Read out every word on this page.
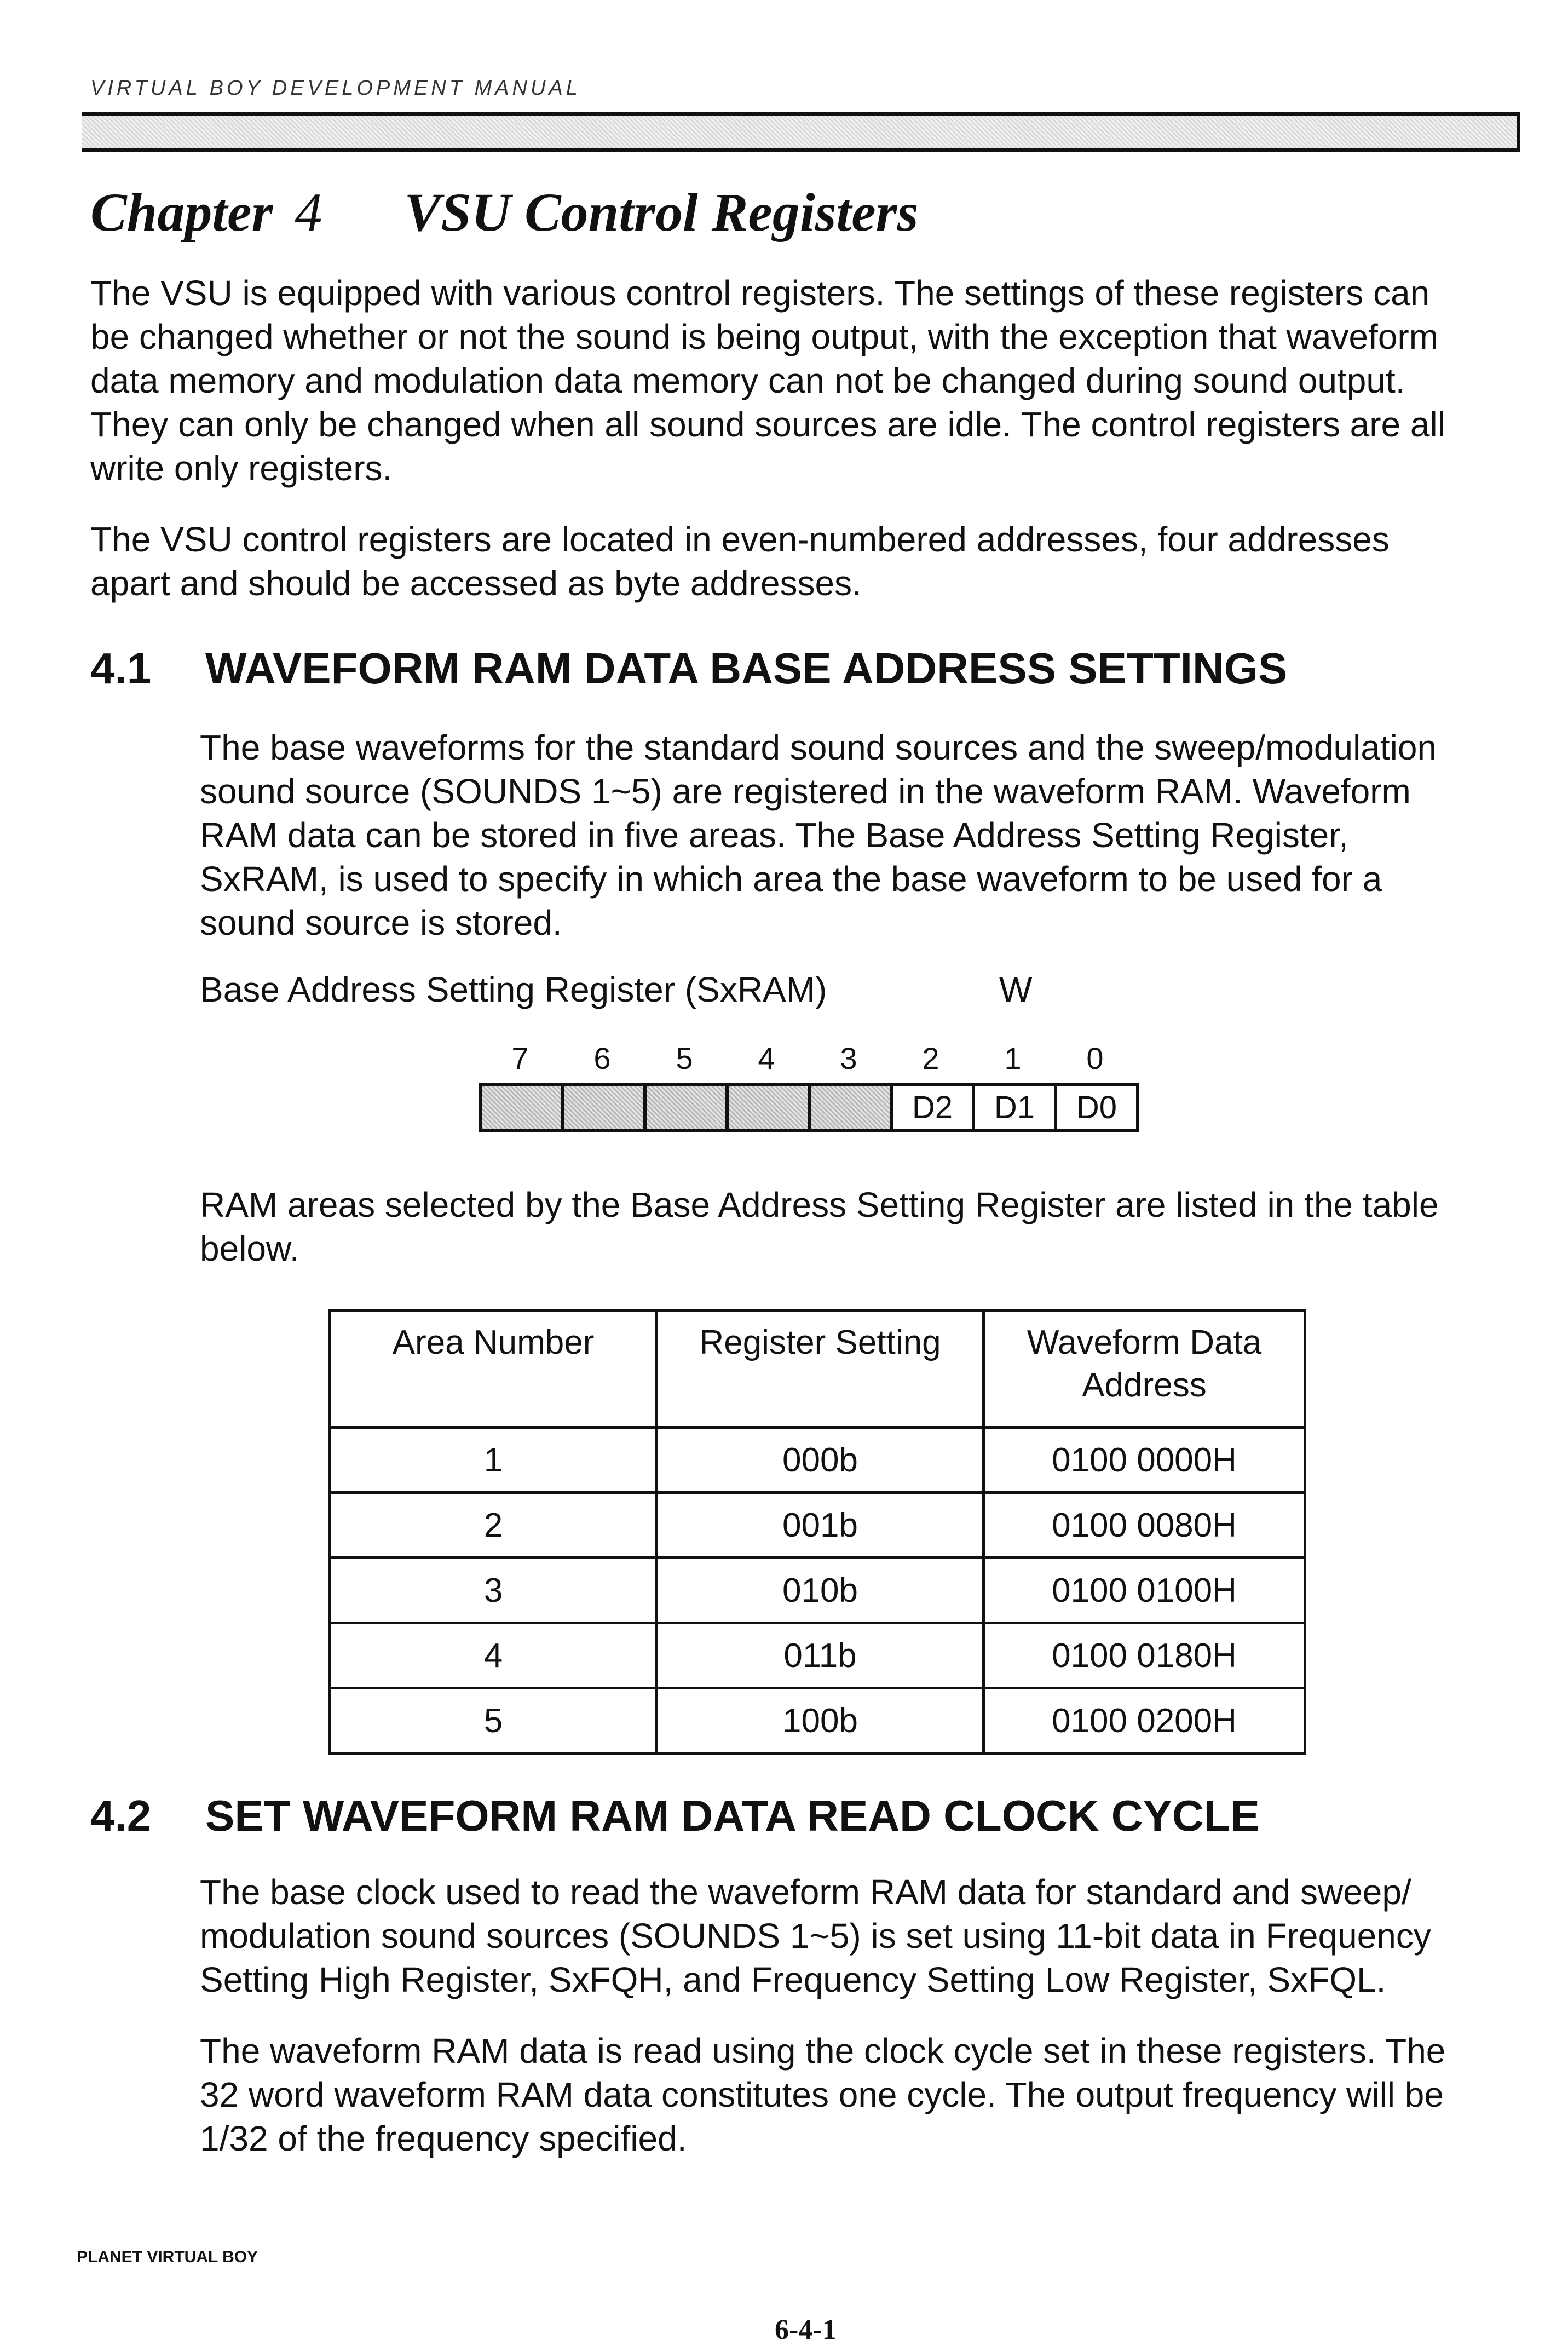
VIRTUAL BOY DEVELOPMENT MANUAL
Chapter 4 VSU Control Registers
The VSU is equipped with various control registers. The settings of these registers can
be changed whether or not the sound is being output, with the exception that waveform
data memory and modulation data memory can not be changed during sound output.
They can only be changed when all sound sources are idle. The control registers are all
write only registers.
The VSU control registers are located in even-numbered addresses, four addresses
apart and should be accessed as byte addresses.
4.1 WAVEFORM RAM DATA BASE ADDRESS SETTINGS
The base waveforms for the standard sound sources and the sweep/modulation
sound source (SOUNDS 1~5) are registered in the waveform RAM. Waveform
RAM data can be stored in five areas. The Base Address Setting Register,
SxRAM, is used to specify in which area the base waveform to be used for a
sound source is stored.
Base Address Setting Register (SxRAM)	W
7	6	5	4	3	2	1	0
D2	D1	D0
RAM areas selected by the Base Address Setting Register are listed in the table
below.
Area Number	Register Setting	Waveform Data Address
1	000b	0100 0000H
2	001b	0100 0080H
3	010b	0100 0100H
4	011b	0100 0180H
5	100b	0100 0200H
4.2 SET WAVEFORM RAM DATA READ CLOCK CYCLE
The base clock used to read the waveform RAM data for standard and sweep/
modulation sound sources (SOUNDS 1~5) is set using 11-bit data in Frequency
Setting High Register, SxFQH, and Frequency Setting Low Register, SxFQL.
The waveform RAM data is read using the clock cycle set in these registers. The
32 word waveform RAM data constitutes one cycle. The output frequency will be
1/32 of the frequency specified.
PLANET VIRTUAL BOY
6-4-1
